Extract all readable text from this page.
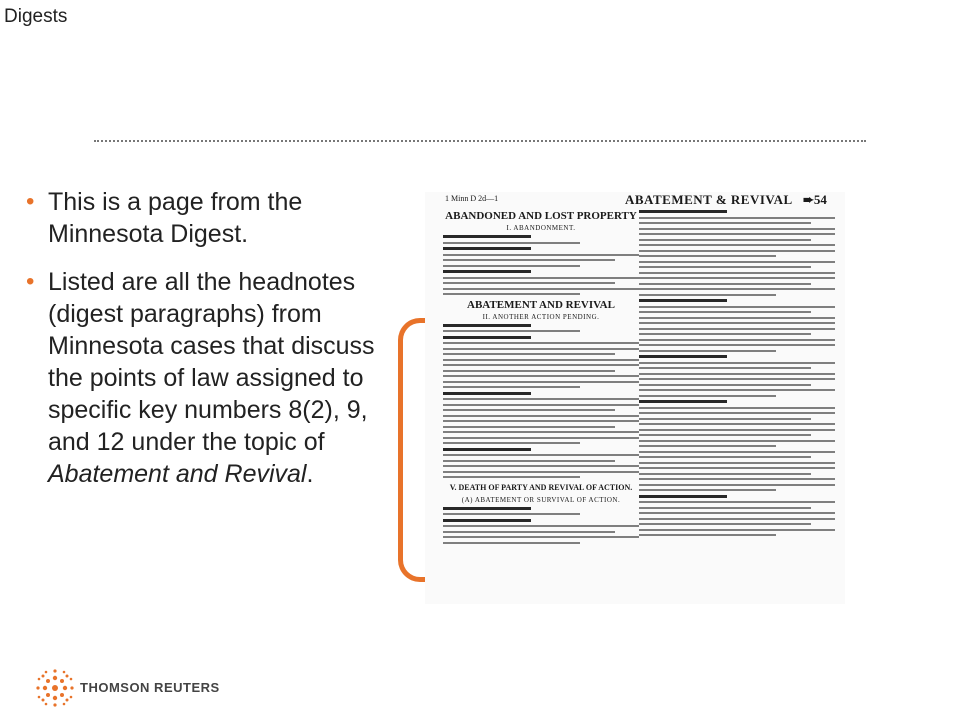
Digests
• This is a page from the Minnesota Digest.
• Listed are all the headnotes (digest paragraphs) from Minnesota cases that discuss the points of law assigned to specific key numbers 8(2), 9, and 12 under the topic of Abatement and Revival.
1 Minn D 2d—1	ABATEMENT & REVIVAL ➨54
ABANDONED AND LOST PROPERTY
I. ABANDONMENT.
ABATEMENT AND REVIVAL
II. ANOTHER ACTION PENDING.
V. DEATH OF PARTY AND REVIVAL OF ACTION.
(A) ABATEMENT OR SURVIVAL OF ACTION.
THOMSON REUTERS
